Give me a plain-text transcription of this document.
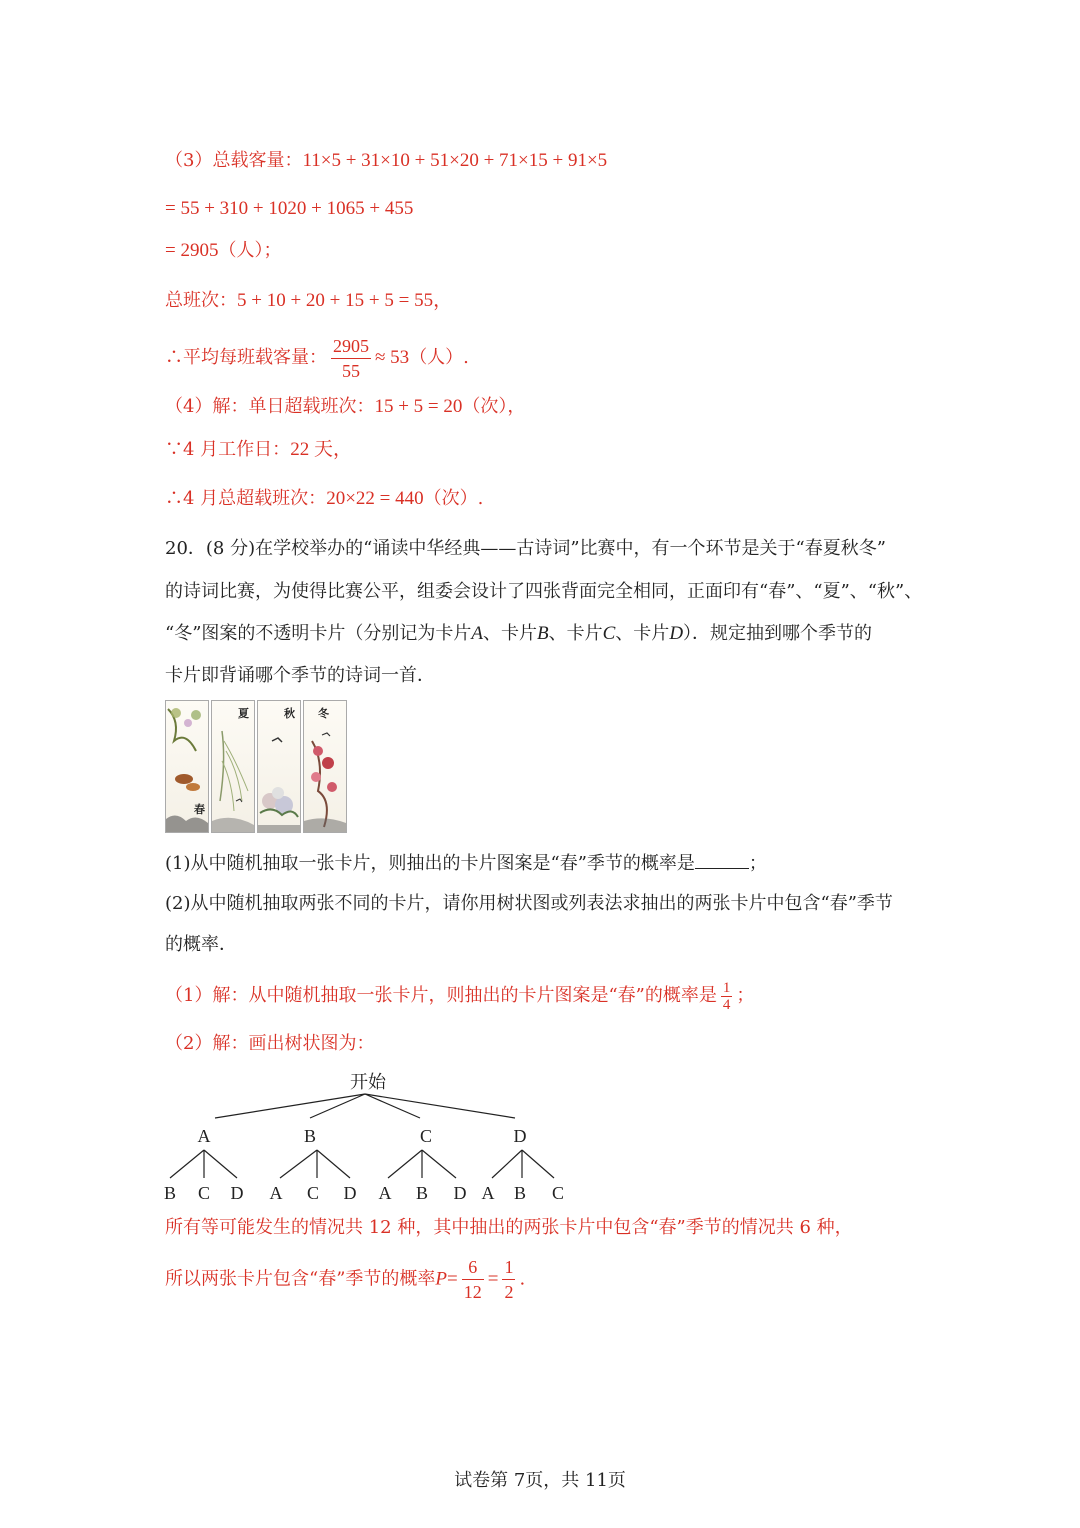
（3）总载客量：11×5 + 31×10 + 51×20 + 71×15 + 91×5
= 55 + 310 + 1020 + 1065 + 455
= 2905（人）；
总班次：5 + 10 + 20 + 15 + 5 = 55，
∴平均每班载客量： $\frac{2905}{55} \approx 53$（人）.
（4）解：单日超载班次：15 + 5 = 20（次），
∵4 月工作日：22 天，
∴4 月总超载班次：20×22 = 440（次）.
20．(8 分)在学校举办的“诵读中华经典——古诗词”比赛中，有一个环节是关于“春夏秋冬”
的诗词比赛，为使得比赛公平，组委会设计了四张背面完全相同，正面印有“春”、“夏”、“秋”、
“冬”图案的不透明卡片（分别记为卡片A、卡片B、卡片C、卡片D）．规定抽到哪个季节的
卡片即背诵哪个季节的诗词一首．
春
夏	秋 冬
(1)从中随机抽取一张卡片，则抽出的卡片图案是“春”季节的概率是	；
(2)从中随机抽取两张不同的卡片，请你用树状图或列表法求抽出的两张卡片中包含“春”季节
的概率．
（1）解：从中随机抽取一张卡片，则抽出的卡片图案是“春”的概率是 $\frac{1}{4}$ ；
（2）解：画出树状图为：
开始
A	B	C	D
B C D A C D A B D A B C
所有等可能发生的情况共 12 种，其中抽出的两张卡片中包含“春”季节的情况共 6 种，
所以两张卡片包含“春”季节的概率$P= \frac{6}{12} = \frac{1}{2}$ .
试卷第 7页，共 11页
